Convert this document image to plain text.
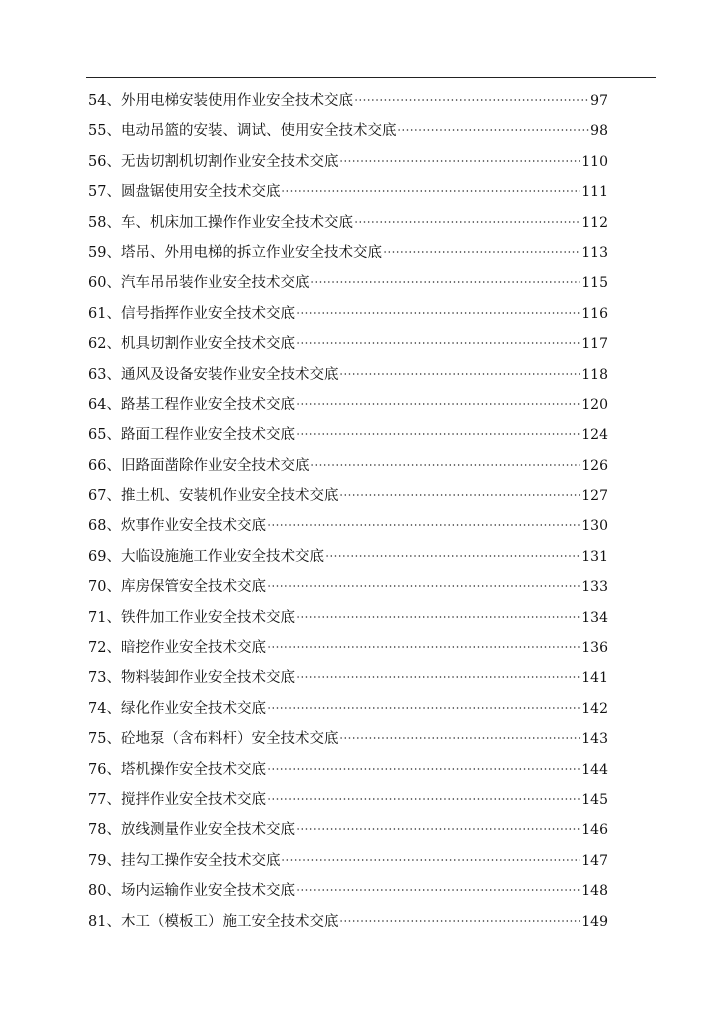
54、 外用电梯安装使用作业安全技术交底	97
55、 电动吊篮的安装、调试、使用安全技术交底	98
56、 无齿切割机切割作业安全技术交底	110
57、 圆盘锯使用安全技术交底	111
58、 车、机床加工操作作业安全技术交底	112
59、 塔吊、外用电梯的拆立作业安全技术交底	113
60、 汽车吊吊装作业安全技术交底	115
61、 信号指挥作业安全技术交底	116
62、 机具切割作业安全技术交底	117
63、 通风及设备安装作业安全技术交底	118
64、 路基工程作业安全技术交底	120
65、 路面工程作业安全技术交底	124
66、 旧路面凿除作业安全技术交底	126
67、 推土机、安装机作业安全技术交底	127
68、 炊事作业安全技术交底	130
69、 大临设施施工作业安全技术交底	131
70、 库房保管安全技术交底	133
71、 铁件加工作业安全技术交底	134
72、 暗挖作业安全技术交底	136
73、 物料装卸作业安全技术交底	141
74、 绿化作业安全技术交底	142
75、 砼地泵（含布料杆）安全技术交底	143
76、 塔机操作安全技术交底	144
77、 搅拌作业安全技术交底	145
78、 放线测量作业安全技术交底	146
79、 挂勾工操作安全技术交底	147
80、 场内运输作业安全技术交底	148
81、 木工（模板工）施工安全技术交底	149
